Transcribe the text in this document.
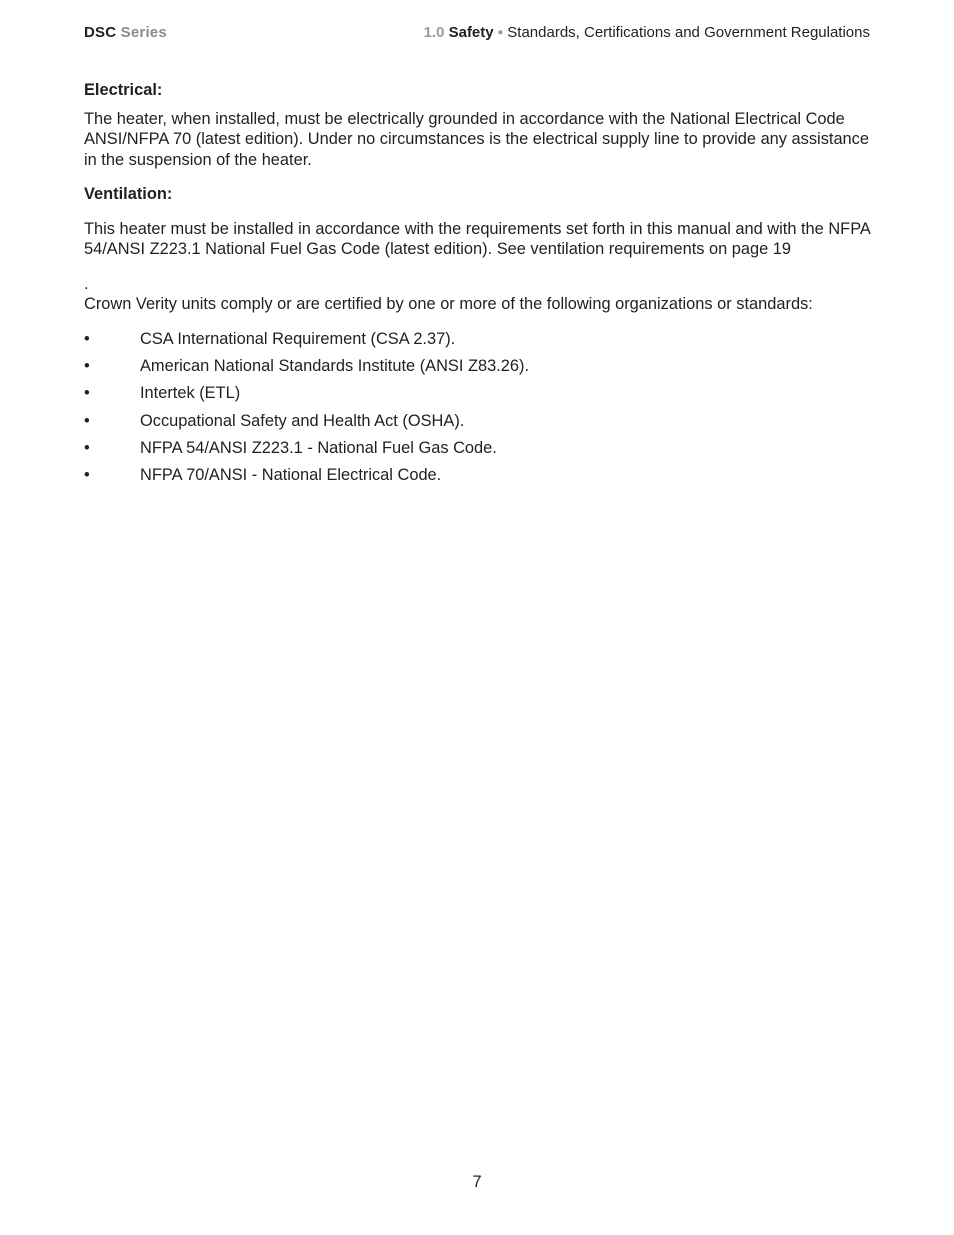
DSC Series	1.0 Safety ▪ Standards, Certifications and Government Regulations

Electrical:

The heater, when installed, must be electrically grounded in accordance with the National Electrical Code ANSI/NFPA 70 (latest edition). Under no circumstances is the electrical supply line to provide any assistance in the suspension of the heater.

Ventilation:

This heater must be installed in accordance with the requirements set forth in this manual and with the NFPA 54/ANSI Z223.1 National Fuel Gas Code (latest edition). See ventilation requirements on page 19

.

Crown Verity units comply or are certified by one or more of the following organizations or standards:

•	CSA International Requirement (CSA 2.37).
•	American National Standards Institute (ANSI Z83.26).
•	Intertek (ETL)
•	Occupational Safety and Health Act (OSHA).
•	NFPA 54/ANSI Z223.1 - National Fuel Gas Code.
•	NFPA 70/ANSI - National Electrical Code.
7
